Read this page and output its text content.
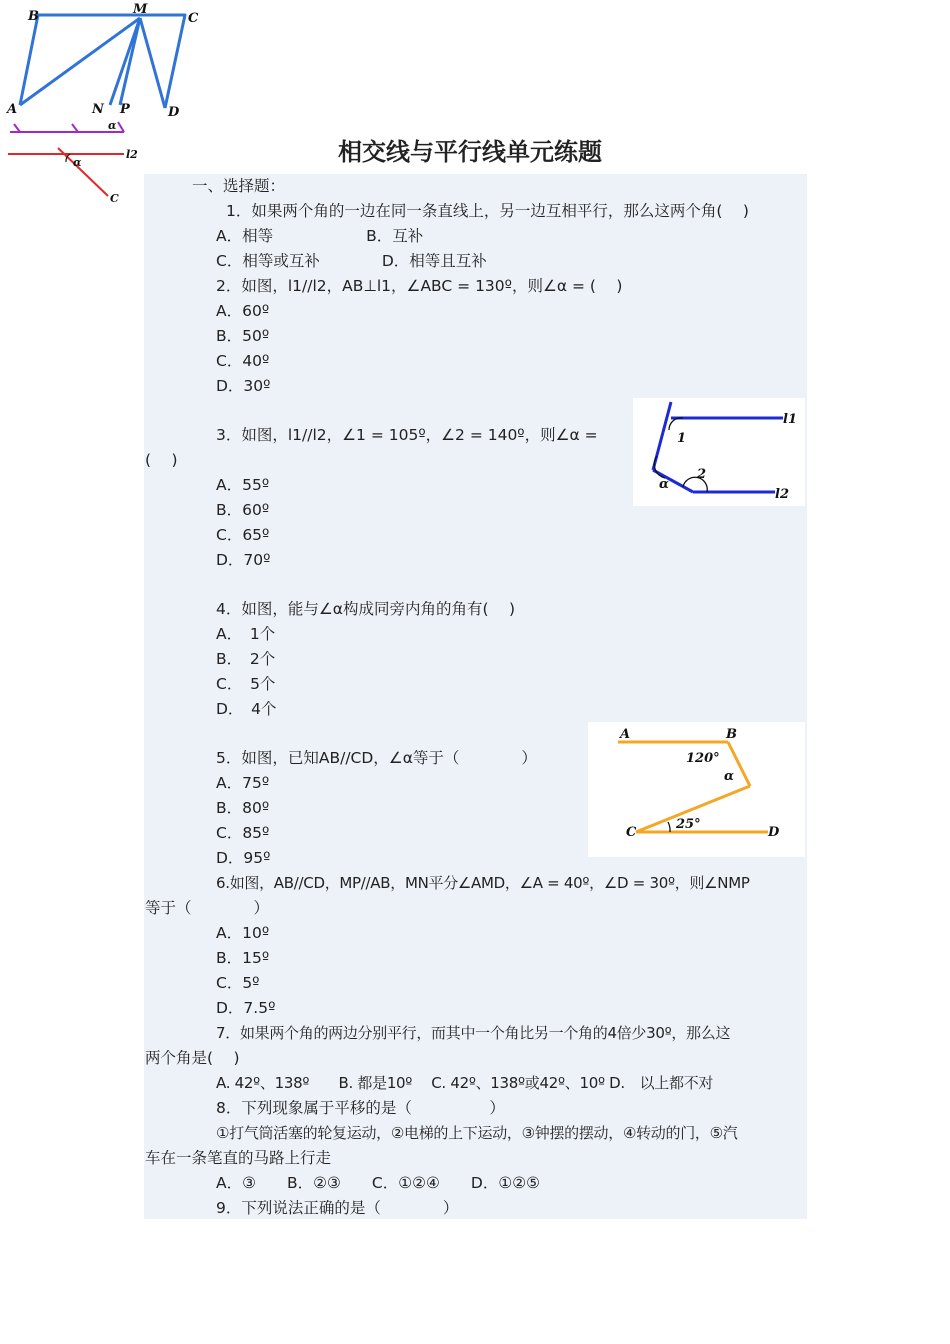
B	M
C
A	N P	D
α
α
l2
C
相交线与平行线单元练题
l1
l2
1
2
α
A	B
C	D
120°
α
25°
一、选择题：
1．如果两个角的一边在同一条直线上，另一边互相平行，那么这两个角(　 )
A．相等　　　　　　B．互补
C．相等或互补　　　　D．相等且互补
2．如图，l1//l2，AB⊥l1，∠ABC = 130º，则∠α = (　 )
A．60º
B．50º
C．40º
D．30º
3．如图，l1//l2，∠1 = 105º，∠2 = 140º，则∠α =
(　 )
A．55º
B．60º
C．65º
D．70º
4．如图，能与∠α构成同旁内角的角有(　 )
A．　1个
B．　2个
C．　5个
D．　4个
5．如图，已知AB//CD，∠α等于（　　　　）
A．75º
B．80º
C．85º
D．95º
6.如图，AB//CD，MP//AB，MN平分∠AMD，∠A = 40º，∠D = 30º，则∠NMP
等于（　　　　）
A．10º
B．15º
C．5º
D．7.5º
7．如果两个角的两边分别平行，而其中一个角比另一个角的4倍少30º，那么这
两个角是(　 )
A. 42º、138º　　B. 都是10º　 C. 42º、138º或42º、10º D.　以上都不对
8．下列现象属于平移的是（　　　　　）
①打气筒活塞的轮复运动，②电梯的上下运动，③钟摆的摆动，④转动的门，⑤汽
车在一条笔直的马路上行走
A．③　　B．②③　　C．①②④　　D．①②⑤
9．下列说法正确的是（　　　　）
